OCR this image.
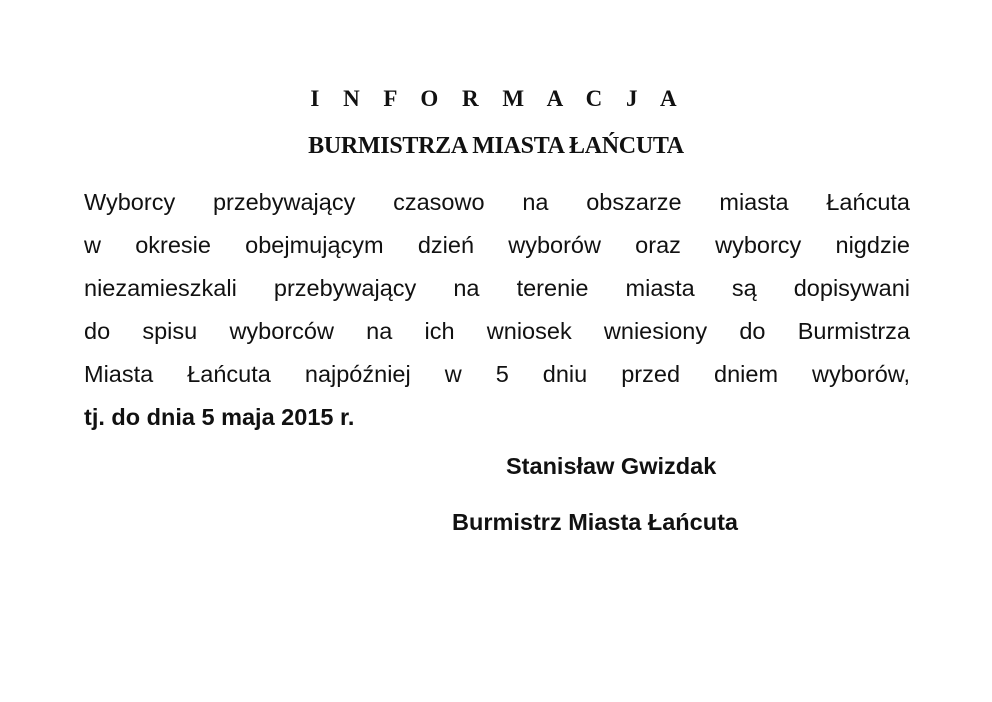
I N F O R M A C J A
BURMISTRZA MIASTA ŁAŃCUTA
Wyborcy przebywający czasowo na obszarze miasta Łańcuta
w okresie obejmującym dzień wyborów oraz wyborcy nigdzie
niezamieszkali przebywający na terenie miasta są dopisywani
do spisu wyborców na ich wniosek wniesiony do Burmistrza
Miasta Łańcuta najpóźniej w 5 dniu przed dniem wyborów,
tj. do dnia 5 maja 2015 r.
Stanisław Gwizdak
Burmistrz Miasta Łańcuta
